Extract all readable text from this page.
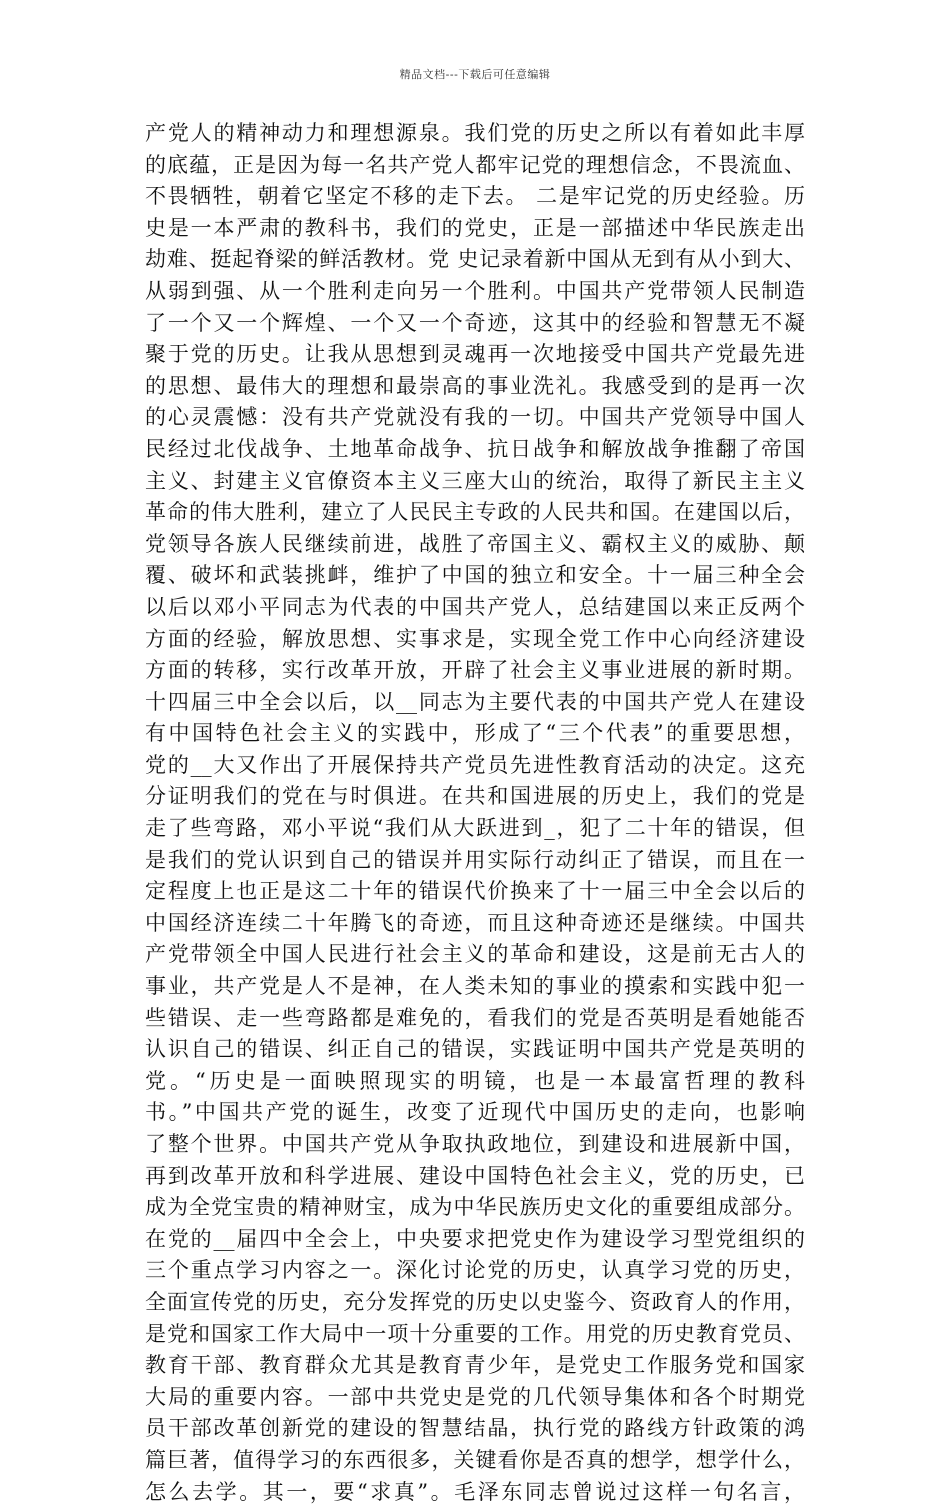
精品文档---下载后可任意编辑
产党人的精神动力和理想源泉。我们党的历史之所以有着如此丰厚
的底蕴，正是因为每一名共产党人都牢记党的理想信念，不畏流血、
不畏牺牲，朝着它坚定不移的走下去。 二是牢记党的历史经验。历
史是一本严肃的教科书，我们的党史，正是一部描述中华民族走出
劫难、挺起脊梁的鲜活教材。党 史记录着新中国从无到有从小到大、
从弱到强、从一个胜利走向另一个胜利。中国共产党带领人民制造
了一个又一个辉煌、一个又一个奇迹，这其中的经验和智慧无不凝
聚于党的历史。让我从思想到灵魂再一次地接受中国共产党最先进
的思想、最伟大的理想和最崇高的事业洗礼。我感受到的是再一次
的心灵震憾：没有共产党就没有我的一切。中国共产党领导中国人
民经过北伐战争、土地革命战争、抗日战争和解放战争推翻了帝国
主义、封建主义官僚资本主义三座大山的统治，取得了新民主主义
革命的伟大胜利，建立了人民民主专政的人民共和国。在建国以后，
党领导各族人民继续前进，战胜了帝国主义、霸权主义的威胁、颠
覆、破坏和武装挑衅，维护了中国的独立和安全。十一届三种全会
以后以邓小平同志为代表的中国共产党人，总结建国以来正反两个
方面的经验，解放思想、实事求是，实现全党工作中心向经济建设
方面的转移，实行改革开放，开辟了社会主义事业进展的新时期。
十四届三中全会以后，以__同志为主要代表的中国共产党人在建设
有中国特色社会主义的实践中，形成了“三个代表”的重要思想，
党的__大又作出了开展保持共产党员先进性教育活动的决定。这充
分证明我们的党在与时俱进。在共和国进展的历史上，我们的党是
走了些弯路，邓小平说“我们从大跃进到_，犯了二十年的错误，但
是我们的党认识到自己的错误并用实际行动纠正了错误，而且在一
定程度上也正是这二十年的错误代价换来了十一届三中全会以后的
中国经济连续二十年腾飞的奇迹，而且这种奇迹还是继续。中国共
产党带领全中国人民进行社会主义的革命和建设，这是前无古人的
事业，共产党是人不是神，在人类未知的事业的摸索和实践中犯一
些错误、走一些弯路都是难免的，看我们的党是否英明是看她能否
认识自己的错误、纠正自己的错误，实践证明中国共产党是英明的
党。“历史是一面映照现实的明镜，也是一本最富哲理的教科
书。”中国共产党的诞生，改变了近现代中国历史的走向，也影响
了整个世界。中国共产党从争取执政地位，到建设和进展新中国，
再到改革开放和科学进展、建设中国特色社会主义，党的历史，已
成为全党宝贵的精神财宝，成为中华民族历史文化的重要组成部分。
在党的__届四中全会上，中央要求把党史作为建设学习型党组织的
三个重点学习内容之一。深化讨论党的历史，认真学习党的历史，
全面宣传党的历史，充分发挥党的历史以史鉴今、资政育人的作用，
是党和国家工作大局中一项十分重要的工作。用党的历史教育党员、
教育干部、教育群众尤其是教育青少年，是党史工作服务党和国家
大局的重要内容。一部中共党史是党的几代领导集体和各个时期党
员干部改革创新党的建设的智慧结晶，执行党的路线方针政策的鸿
篇巨著，值得学习的东西很多，关键看你是否真的想学，想学什么，
怎么去学。其一，要“求真”。毛泽东同志曾说过这样一句名言，
